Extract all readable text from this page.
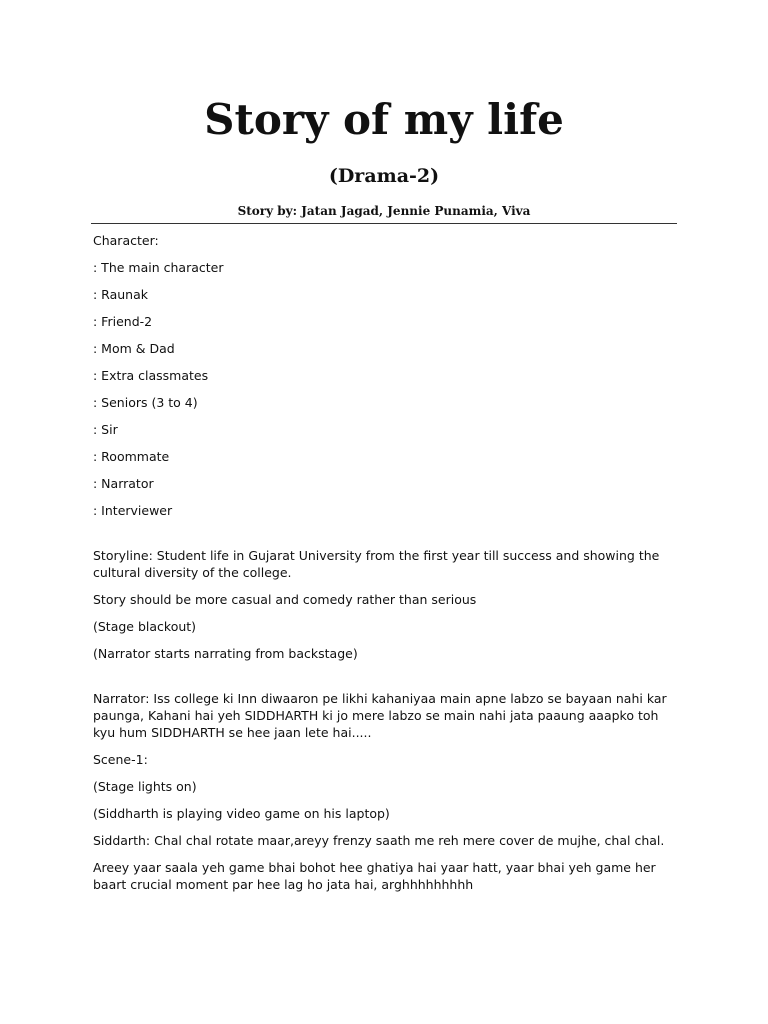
Story of my life
(Drama-2)
Story by: Jatan Jagad, Jennie Punamia, Viva

Character:

: The main character

: Raunak

: Friend-2

: Mom & Dad

: Extra classmates

: Seniors (3 to 4)

: Sir

: Roommate

: Narrator

: Interviewer

Storyline: Student life in Gujarat University from the first year till success and showing the cultural diversity of the college.

Story should be more casual and comedy rather than serious

(Stage blackout)

(Narrator starts narrating from backstage)

Narrator: Iss college ki Inn diwaaron pe likhi kahaniyaa main apne labzo se bayaan nahi kar paunga, Kahani hai yeh SIDDHARTH ki jo mere labzo se main nahi jata paaung aaapko toh kyu hum SIDDHARTH se hee jaan lete hai.....

Scene-1:

(Stage lights on)

(Siddharth is playing video game on his laptop)

Siddarth: Chal chal rotate maar,areyy frenzy saath me reh mere cover de mujhe, chal chal.

Areey yaar saala yeh game bhai bohot hee ghatiya hai yaar hatt, yaar bhai yeh game her baart crucial moment par hee lag ho jata hai, arghhhhhhhhh
